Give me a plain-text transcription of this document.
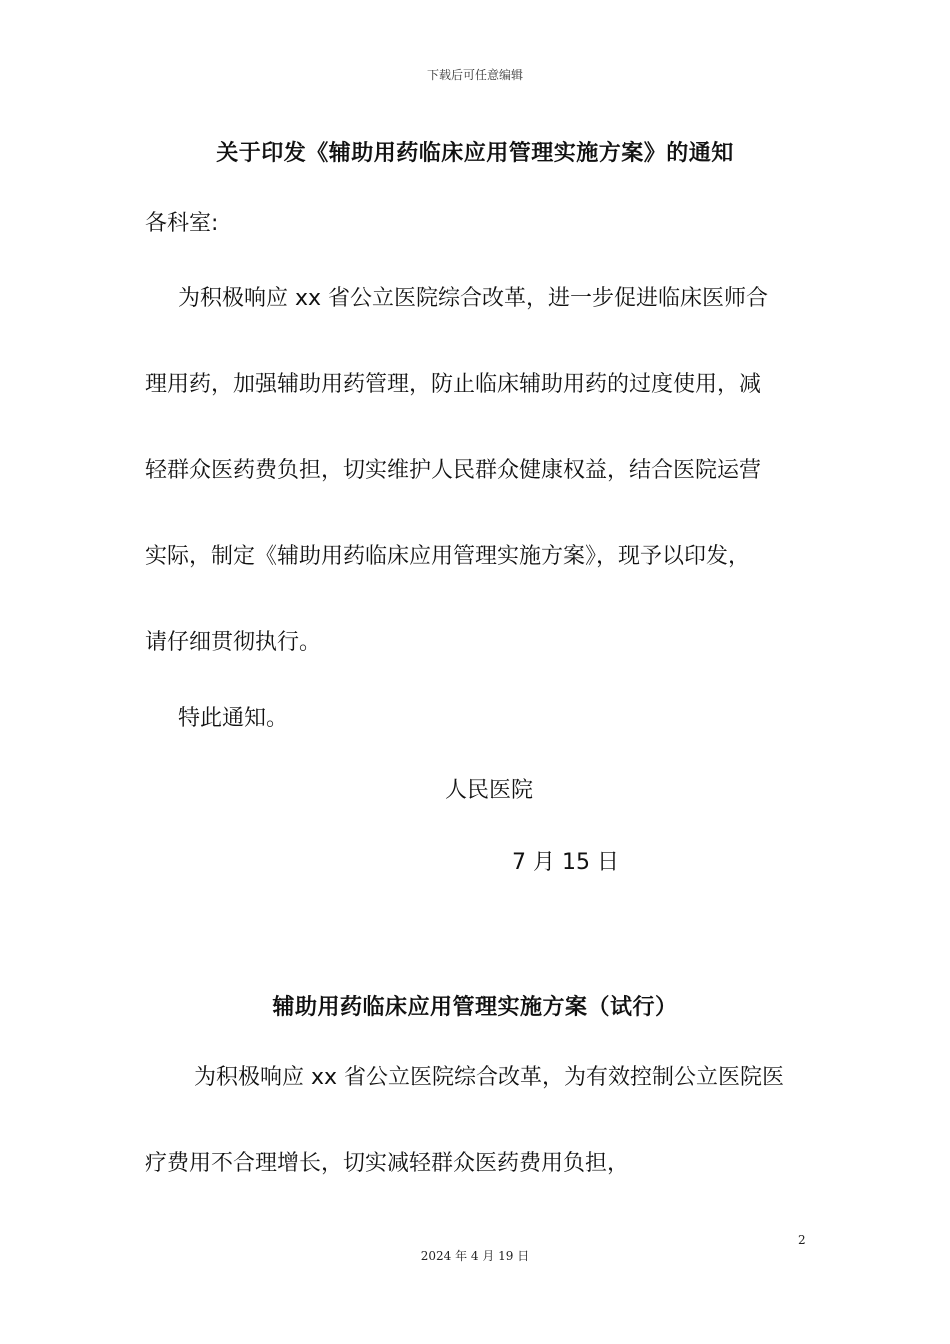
下载后可任意编辑
关于印发《辅助用药临床应用管理实施方案》的通知
各科室:
为积极响应 xx 省公立医院综合改革，进一步促进临床医师合
理用药，加强辅助用药管理，防止临床辅助用药的过度使用，减
轻群众医药费负担，切实维护人民群众健康权益，结合医院运营
实际，制定《辅助用药临床应用管理实施方案》，现予以印发，
请仔细贯彻执行。
特此通知。
人民医院
7 月 15 日
辅助用药临床应用管理实施方案（试行）
为积极响应 xx 省公立医院综合改革，为有效控制公立医院医
疗费用不合理增长，切实减轻群众医药费用负担，
2
2024 年 4 月 19 日
